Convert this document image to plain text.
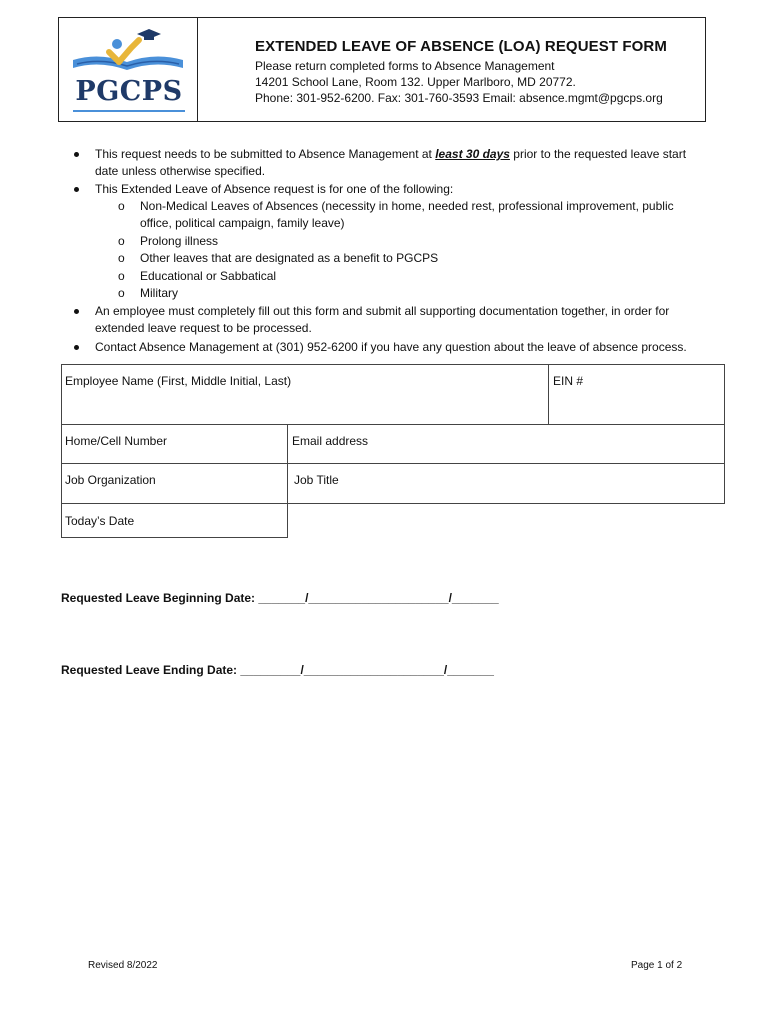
PGCPS
EXTENDED LEAVE OF ABSENCE (LOA) REQUEST FORM
Please return completed forms to Absence Management
14201 School Lane, Room 132. Upper Marlboro, MD 20772.
Phone: 301-952-6200. Fax: 301-760-3593 Email: absence.mgmt@pgcps.org
This request needs to be submitted to Absence Management at least 30 days prior to the requested leave start
date unless otherwise specified.
This Extended Leave of Absence request is for one of the following:
o Non-Medical Leaves of Absences (necessity in home, needed rest, professional improvement, public
office, political campaign, family leave)
o Prolong illness
o Other leaves that are designated as a benefit to PGCPS
o Educational or Sabbatical
o Military
An employee must completely fill out this form and submit all supporting documentation together, in order for
extended leave request to be processed.
Contact Absence Management at (301) 952-6200 if you have any question about the leave of absence process.
Employee Name (First, Middle Initial, Last)	EIN #
Home/Cell Number	Email address
Job Organization	Job Title
Today’s Date
Requested Leave Beginning Date: _______/_____________________/_______
Requested Leave Ending Date: _________/_____________________/_______
Revised 8/2022	Page 1 of 2
